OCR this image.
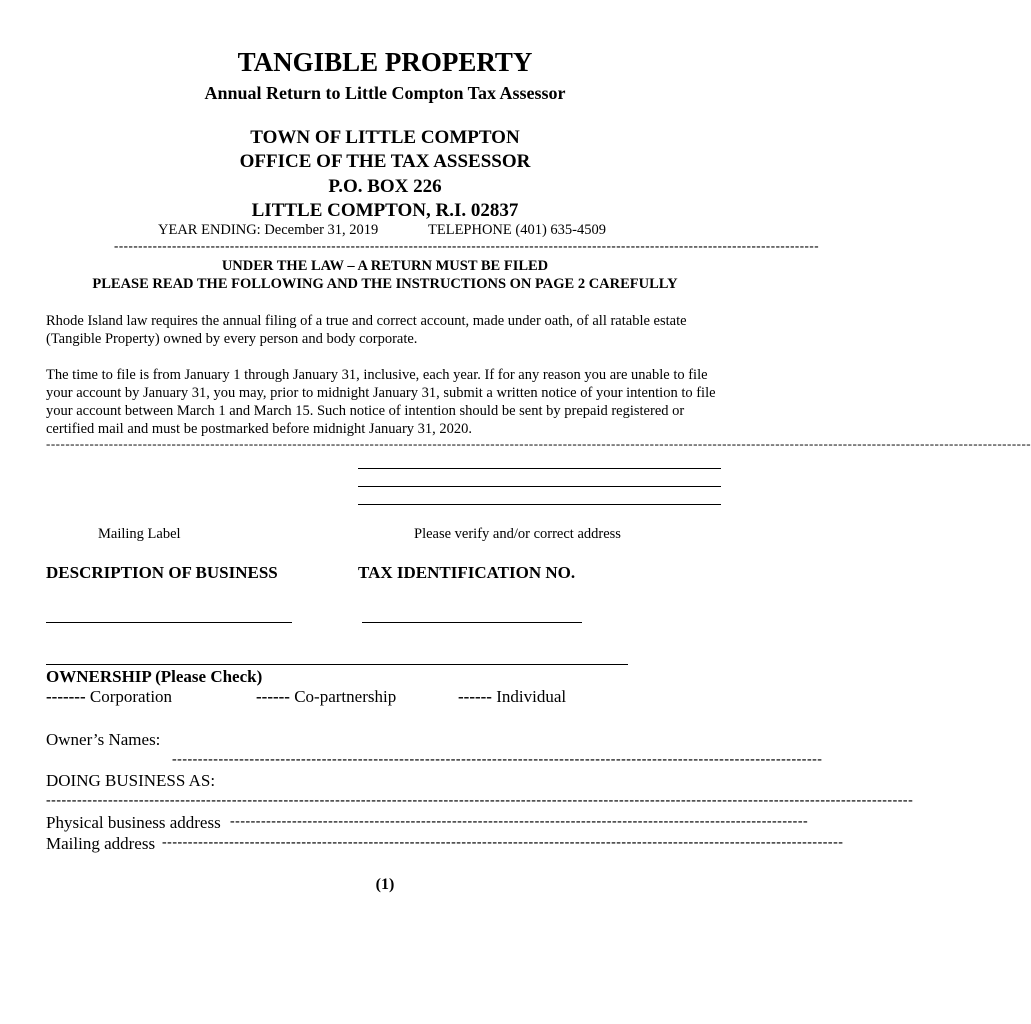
TANGIBLE PROPERTY
Annual Return to Little Compton Tax Assessor
TOWN OF LITTLE COMPTON
OFFICE OF THE TAX ASSESSOR
P.O. BOX 226
LITTLE COMPTON, R.I. 02837
YEAR ENDING: December 31, 2019	TELEPHONE (401) 635-4509
--------------------------------------------------------------------------------------------------------------------------------------------------
UNDER THE LAW – A RETURN MUST BE FILED
PLEASE READ THE FOLLOWING AND THE INSTRUCTIONS ON PAGE 2 CAREFULLY
Rhode Island law requires the annual filing of a true and correct account, made under oath, of all ratable estate (Tangible Property) owned by every person and body corporate.
The time to file is from January 1 through January 31, inclusive, each year. If for any reason you are unable to file your account by January 31, you may, prior to midnight January 31, submit a written notice of your intention to file your account between March 1 and March 15. Such notice of intention should be sent by prepaid registered or certified mail and must be postmarked before midnight January 31, 2020.
------------------------------------------------------------------------------------------------------------------------------------------------------------------------------------------------------------
Mailing Label	Please verify and/or correct address
DESCRIPTION OF BUSINESS	TAX IDENTIFICATION NO.
OWNERSHIP (Please Check)
------- Corporation	------ Co-partnership	------ Individual
Owner’s Names:
------------------------------------------------------------------------------------------------------------------------------
DOING BUSINESS AS:
------------------------------------------------------------------------------------------------------------------------------------------------------------------------
Physical business address ----------------------------------------------------------------------------------------------------------------
Mailing address ------------------------------------------------------------------------------------------------------------------------------------
(1)
